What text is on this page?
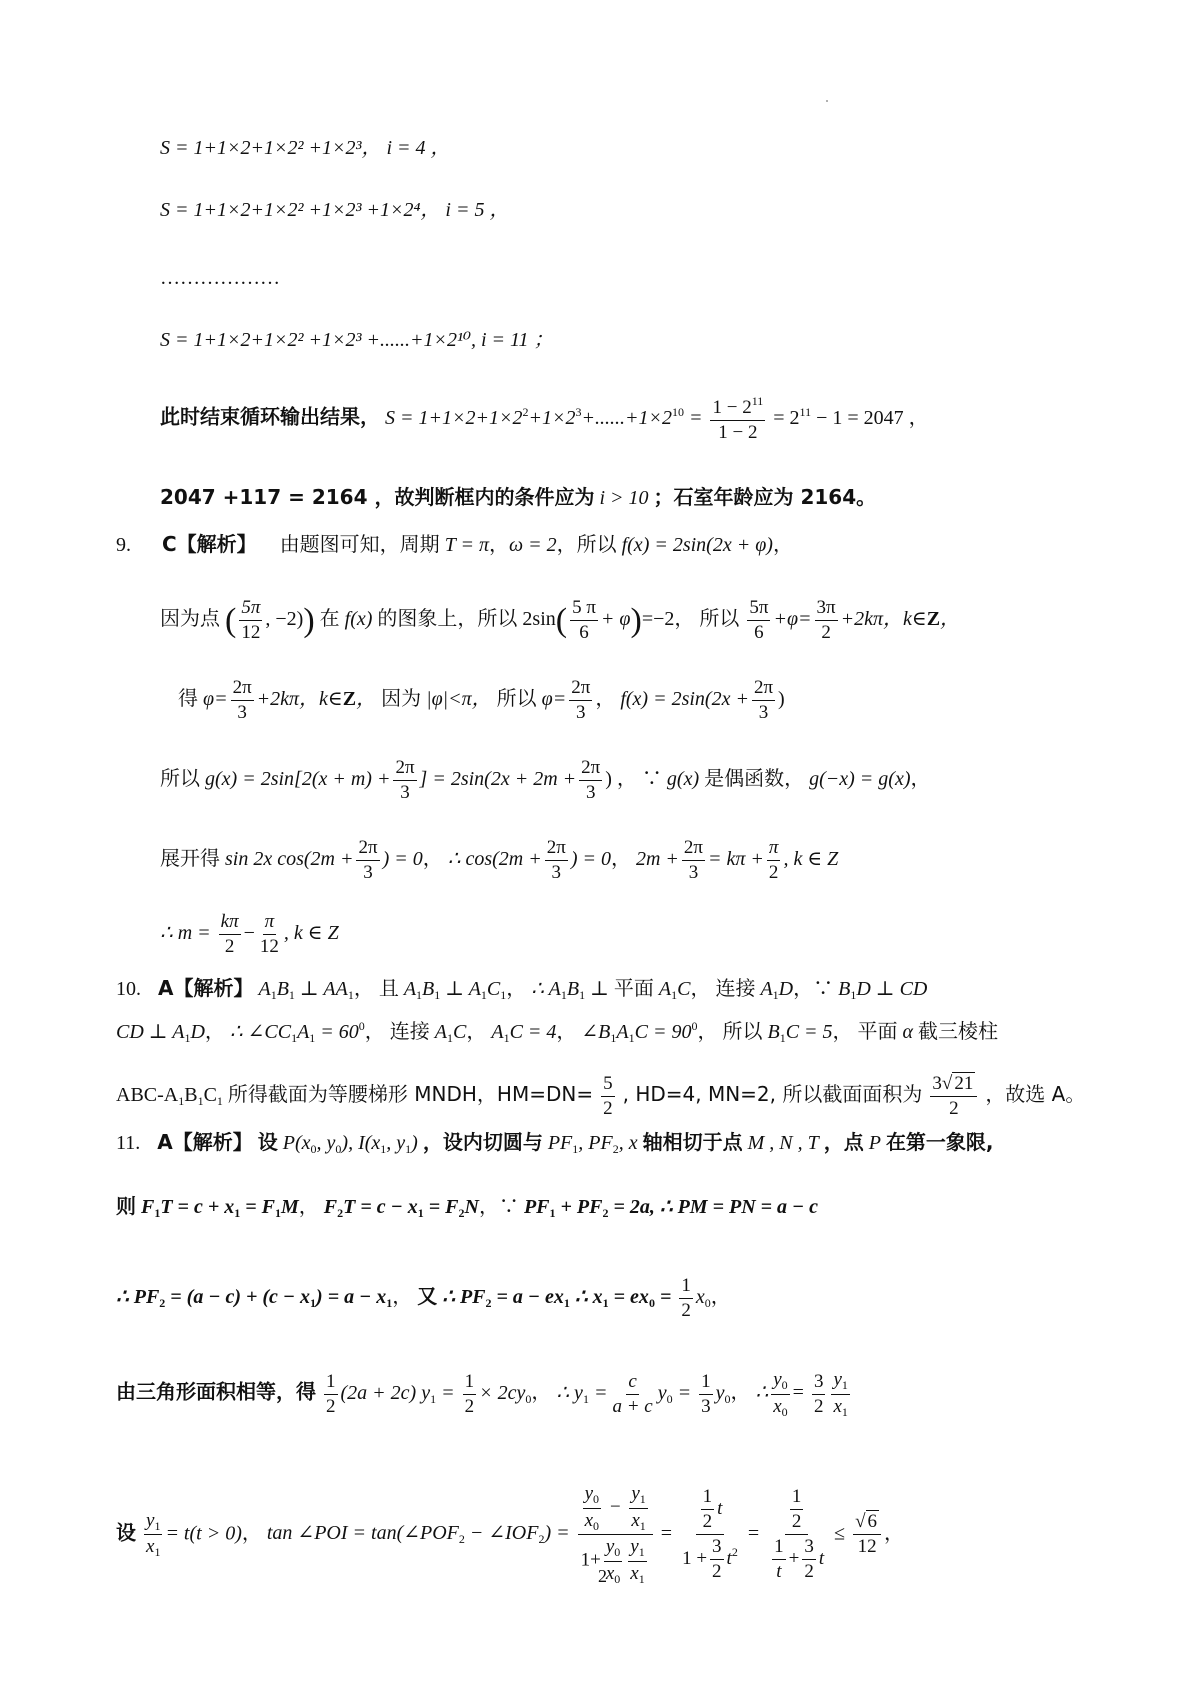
S = 1+1×2+1×2² +1×2³， i = 4 ，
S = 1+1×2+1×2² +1×2³ +1×2⁴， i = 5 ，
………………
S = 1+1×2+1×2² +1×2³ +......+1×2¹⁰, i = 11 ；
此时结束循环输出结果， $S = 1+1\times 2+1\times 2^2+1\times 2^3+......+1\times 2^{10} = \frac{1 - 2^{11}}{1 - 2} = 2^{11} - 1 = 2047$ ，
2047 +117 = 2164 ，故判断框内的条件应为 i > 10 ；石室年龄应为 2164。
9. C【解析】 由题图可知，周期 T = π，ω = 2，所以 f(x) = 2sin(2x + φ)，
因为点 ( $\frac{5\pi}{12}$ , −2)) 在 f(x) 的图象上，所以 $2\sin( \frac{5 \pi}{6} + \varphi)=-2$， 所以 $\frac{5\pi}{6} +\varphi= \frac{3\pi}{2} +2k\pi$，k∈Z，
得 $\varphi= \frac{2\pi}{3} +2k\pi$，k∈Z， 因为 |φ|<π， 所以 $\varphi= \frac{2\pi}{3}$ ， $f(x) = 2\sin(2x + \frac{2\pi}{3}$ )
所以 $g(x) = 2\sin[2(x + m) + \frac{2\pi}{3}$ ] = $2\sin(2x + 2m + \frac{2\pi}{3}$ ) ， ∵ g(x) 是偶函数， g(−x) = g(x)，
展开得 sin 2x $\cos(2m + \frac{2\pi}{3}$ ) = 0， ∴ $\cos(2m + \frac{2\pi}{3}$ ) = 0， $2m + \frac{2\pi}{3} = k\pi + \frac{\pi}{2}$ , k ∈ Z
∴ $m = \frac{k\pi}{2} - \frac{\pi}{12}$ , k ∈ Z
10. A【解析】 $A_1B_1$ ⊥ $AA_1$， 且 $A_1B_1$ ⊥ $A_1C_1$， ∴ $A_1B_1$ ⊥ 平面 $A_1C$， 连接 $A_1D$，∵ $B_1D$ ⊥ CD
CD ⊥ $A_1D$， ∴ $\angle CC_1A_1 = 60^0$， 连接 $A_1C$， $A_1C = 4$， $\angle B_1A_1C = 90^0$， 所以 $B_1C = 5$， 平面 α 截三棱柱
ABC-$A_1B_1C_1$ 所得截面为等腰梯形 MNDH，$HM=DN= \frac{5}{2}$ , HD=4, MN=2, 所以截面面积为 $\frac{3√ 21}{2}$ ，故选 A。
11. A【解析】 设 $P(x_0$, $y_0$), $I(x_1$, $y_1$) ，设内切圆与 $PF_1$, $PF_2$, x 轴相切于点 M , N , T ，点 P 在第一象限,
则 $F_1T = c + x_1 = F_1M$， $F_2T = c - x_1 = F_2N$，∵ $PF_1 + PF_2 = 2a$, ∴ PM = PN = a − c
∴ $PF_2 = (a - c) + (c - x_1) = a - x_1$， 又 ∴ $PF_2 = a - ex_1$ ∴ $x_1 = ex_0 = \frac{1}{2} x_0$，
由三角形面积相等，得 $\frac{1}{2} (2a + 2c) y_1 = \frac{1}{2} \times 2cy_0$， ∴ $y_1 = \frac{c}{a + c} y_0 = \frac{1}{3} y_0$， ∴ $\frac{y_0}{x_0} = \frac{3}{2} \frac{y_1}{x_1}$
设 $\frac{y_1}{x_1} = t(t > 0)$， tan ∠POI = $\tan(\angle POF_2$ − $\angle IOF_2) = \frac{\frac{y_0}{x_0} - \frac{y_1}{x_1}}{1+ \frac{y_0}{x_0} \frac{y_1}{x_1}} = \frac{\frac{1}{2} t}{1 + \frac{3}{2} t^2} = \frac{\frac{1}{2}}{\frac{1}{t} + \frac{3}{2} t} \le \frac{√ 6}{12}$ ，
2
